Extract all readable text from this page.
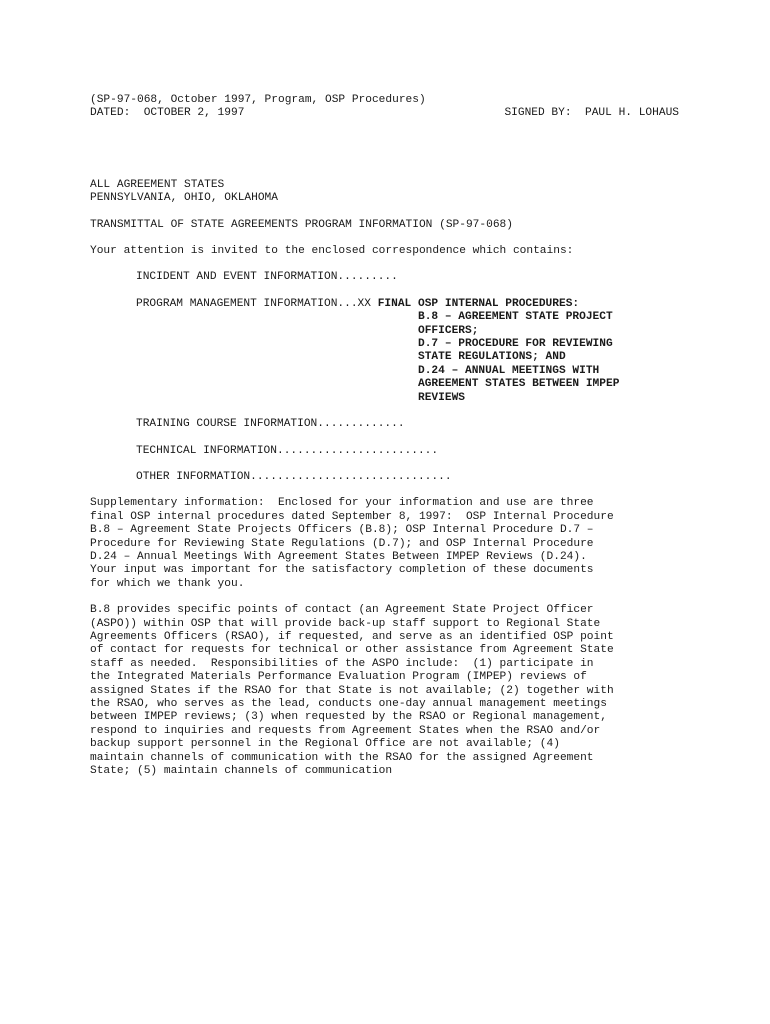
(SP-97-068, October 1997, Program, OSP Procedures)
DATED:  OCTOBER 2, 1997	SIGNED BY:  PAUL H. LOHAUS
ALL AGREEMENT STATES
PENNSYLVANIA, OHIO, OKLAHOMA
TRANSMITTAL OF STATE AGREEMENTS PROGRAM INFORMATION (SP-97-068)
Your attention is invited to the enclosed correspondence which contains:
INCIDENT AND EVENT INFORMATION.........
PROGRAM MANAGEMENT INFORMATION...XX FINAL OSP INTERNAL PROCEDURES:
B.8 – AGREEMENT STATE PROJECT
OFFICERS;
D.7 – PROCEDURE FOR REVIEWING
STATE REGULATIONS; AND
D.24 – ANNUAL MEETINGS WITH
AGREEMENT STATES BETWEEN IMPEP
REVIEWS
TRAINING COURSE INFORMATION.............
TECHNICAL INFORMATION........................
OTHER INFORMATION..............................
Supplementary information:  Enclosed for your information and use are three
final OSP internal procedures dated September 8, 1997:  OSP Internal Procedure
B.8 – Agreement State Projects Officers (B.8); OSP Internal Procedure D.7 –
Procedure for Reviewing State Regulations (D.7); and OSP Internal Procedure
D.24 – Annual Meetings With Agreement States Between IMPEP Reviews (D.24).
Your input was important for the satisfactory completion of these documents
for which we thank you.
B.8 provides specific points of contact (an Agreement State Project Officer
(ASPO)) within OSP that will provide back-up staff support to Regional State
Agreements Officers (RSAO), if requested, and serve as an identified OSP point
of contact for requests for technical or other assistance from Agreement State
staff as needed.  Responsibilities of the ASPO include:  (1) participate in
the Integrated Materials Performance Evaluation Program (IMPEP) reviews of
assigned States if the RSAO for that State is not available; (2) together with
the RSAO, who serves as the lead, conducts one-day annual management meetings
between IMPEP reviews; (3) when requested by the RSAO or Regional management,
respond to inquiries and requests from Agreement States when the RSAO and/or
backup support personnel in the Regional Office are not available; (4)
maintain channels of communication with the RSAO for the assigned Agreement
State; (5) maintain channels of communication
